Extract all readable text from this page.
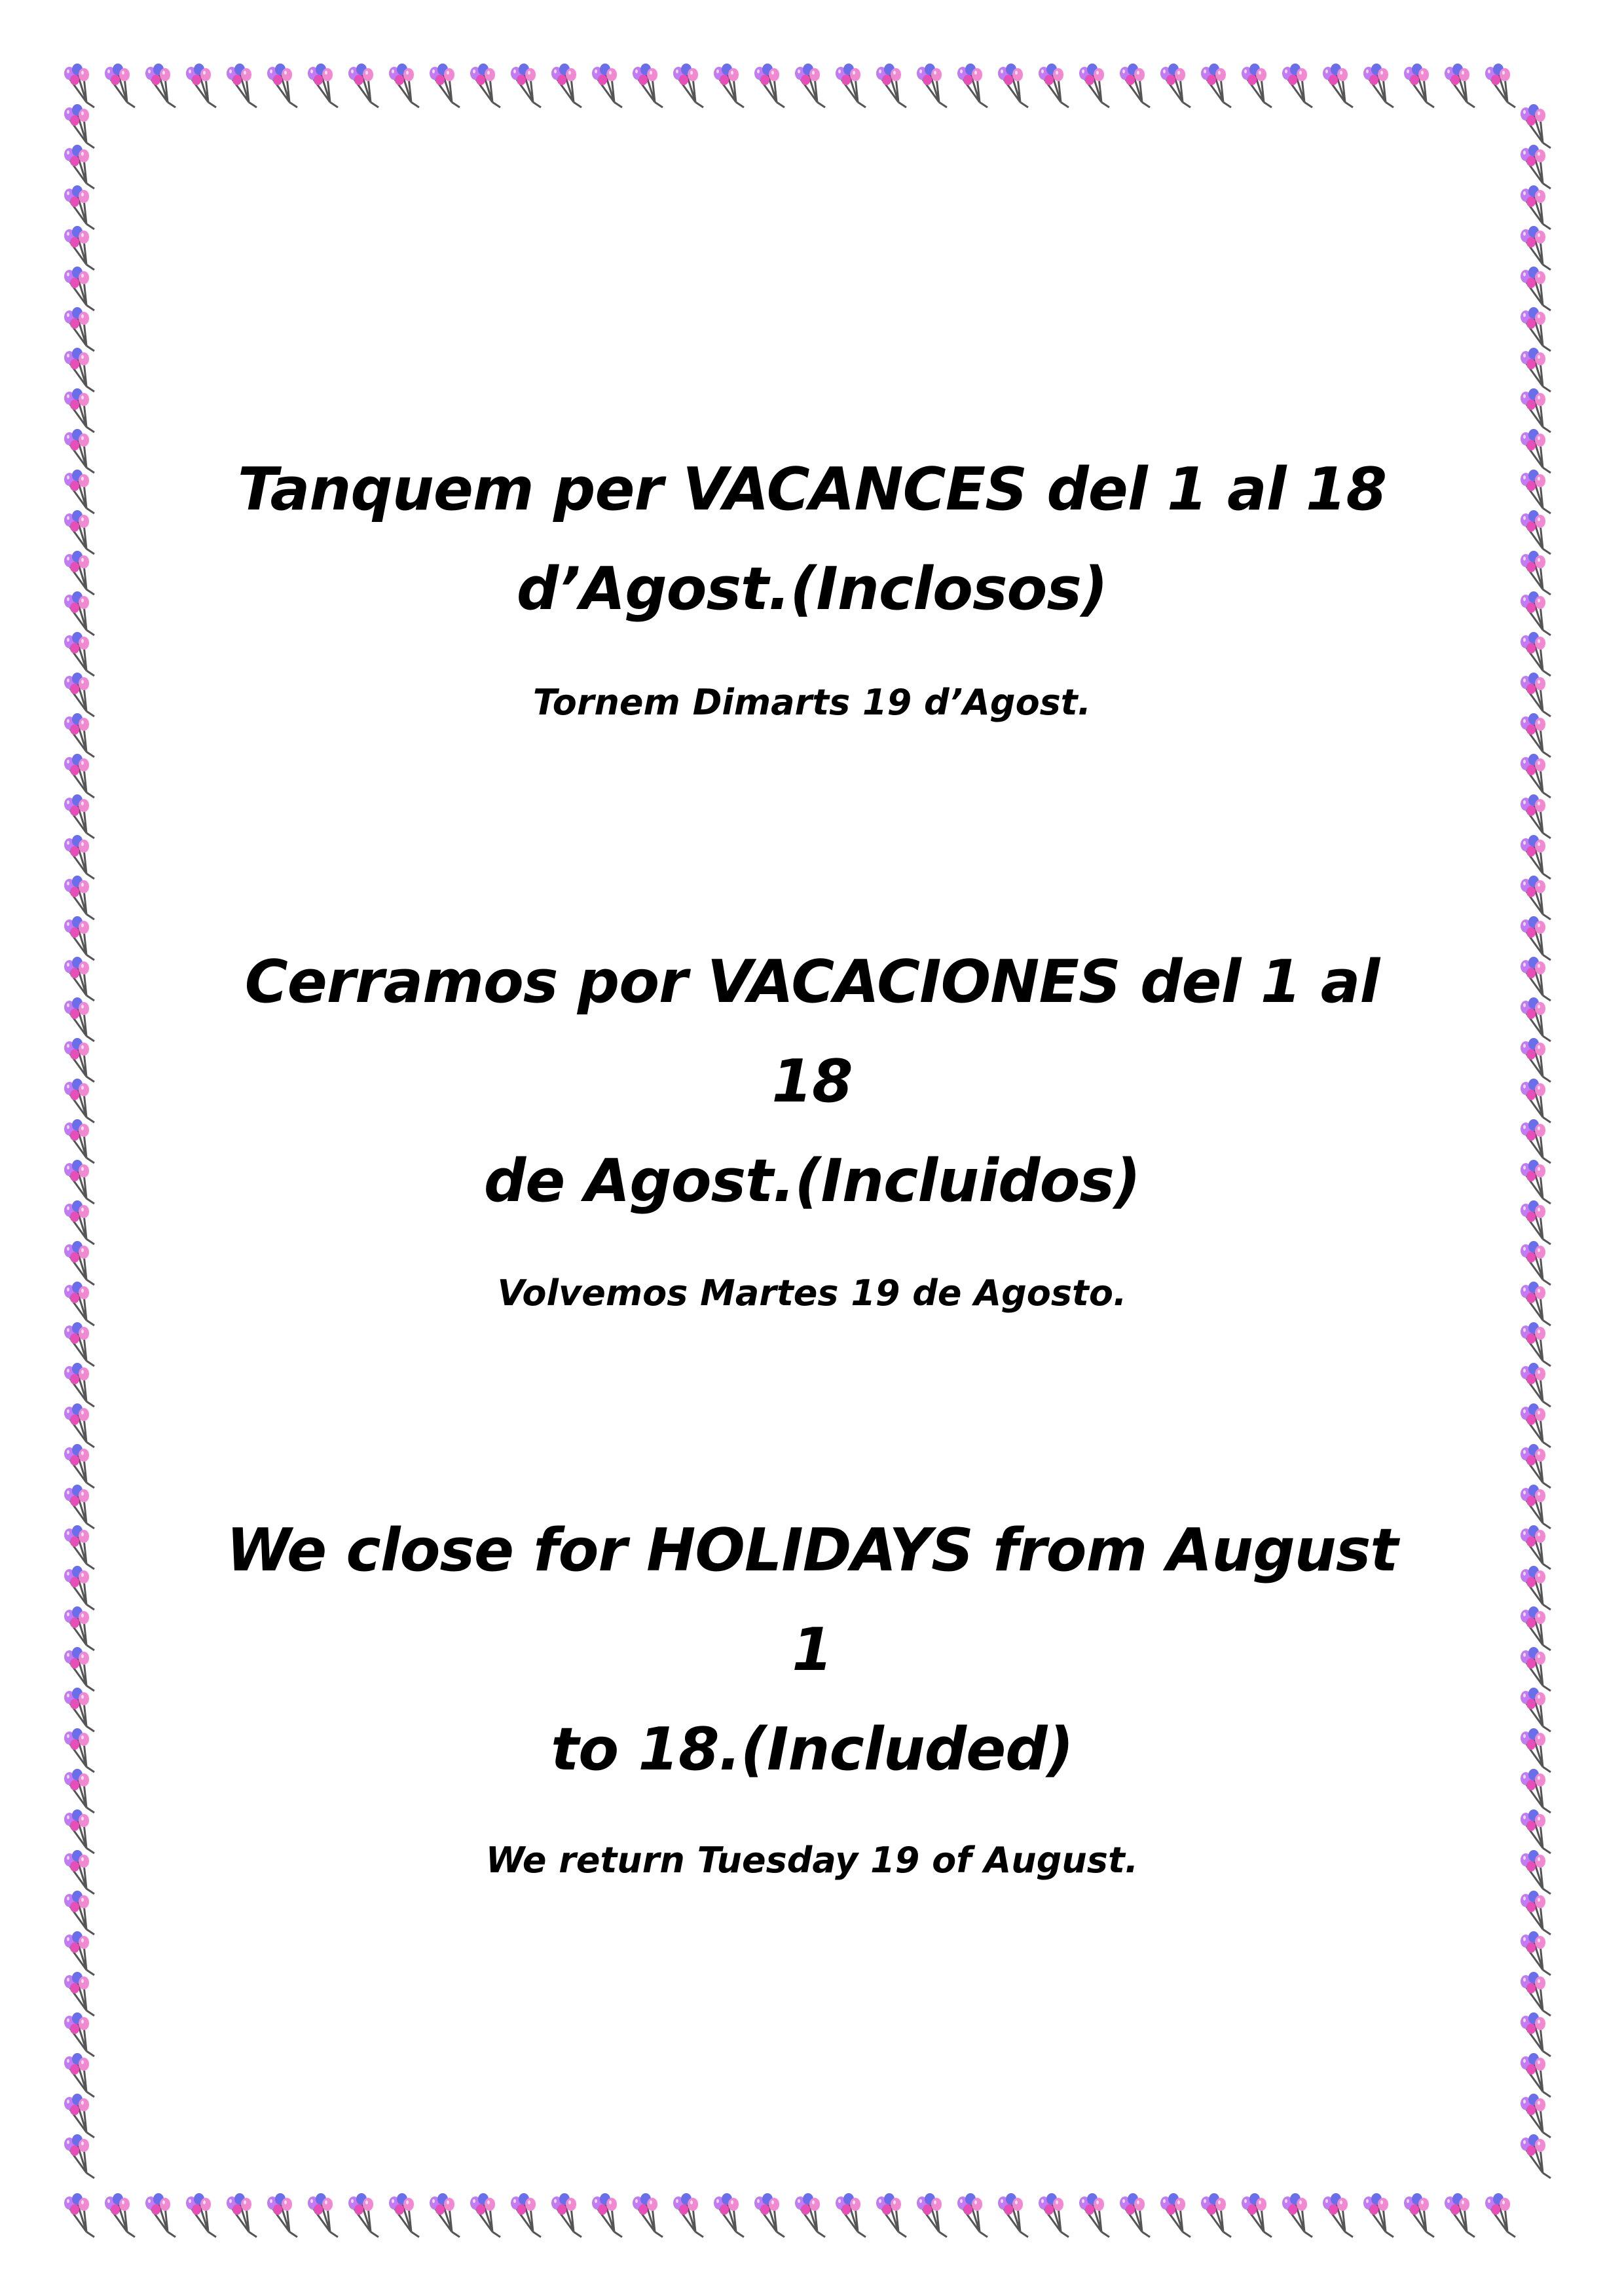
Tanquem per VACANCES del 1 al 18
d’Agost.(Inclosos)

Tornem Dimarts 19 d’Agost.

Cerramos por VACACIONES del 1 al 18
de Agost.(Incluidos)

Volvemos Martes 19 de Agosto.

We close for HOLIDAYS from August 1
to 18.(Included)

We return Tuesday 19 of August.
